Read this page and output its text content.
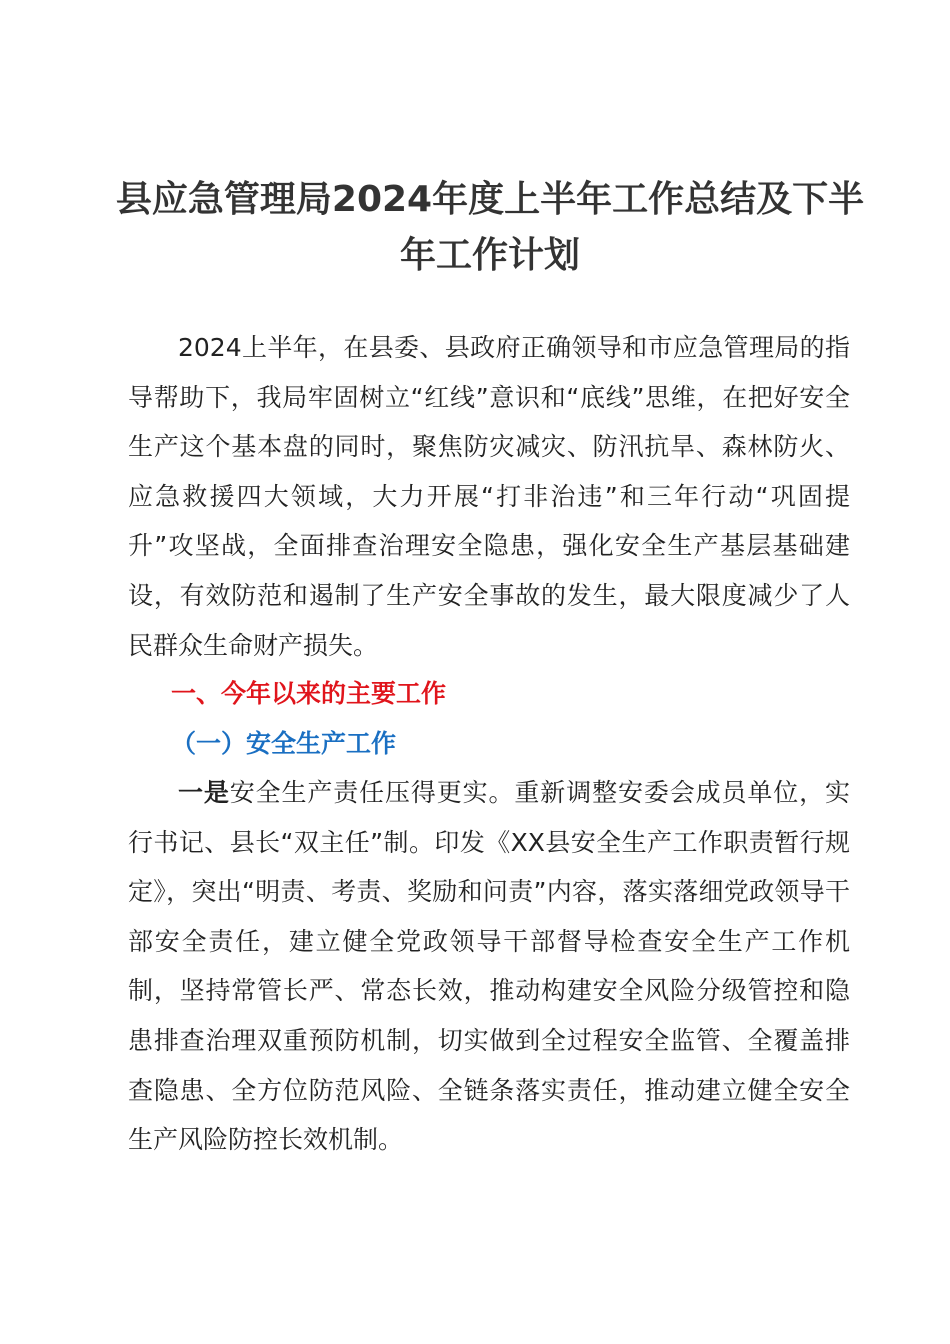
县应急管理局2024年度上半年工作总结及下半年工作计划

2024上半年，在县委、县政府正确领导和市应急管理局的指导帮助下，我局牢固树立“红线”意识和“底线”思维，在把好安全生产这个基本盘的同时，聚焦防灾减灾、防汛抗旱、森林防火、应急救援四大领域，大力开展“打非治违”和三年行动“巩固提升”攻坚战，全面排查治理安全隐患，强化安全生产基层基础建设，有效防范和遏制了生产安全事故的发生，最大限度减少了人民群众生命财产损失。

一、今年以来的主要工作
（一）安全生产工作

一是安全生产责任压得更实。重新调整安委会成员单位，实行书记、县长“双主任”制。印发《XX县安全生产工作职责暂行规定》，突出“明责、考责、奖励和问责”内容，落实落细党政领导干部安全责任，建立健全党政领导干部督导检查安全生产工作机制，坚持常管长严、常态长效，推动构建安全风险分级管控和隐患排查治理双重预防机制，切实做到全过程安全监管、全覆盖排查隐患、全方位防范风险、全链条落实责任，推动建立健全安全生产风险防控长效机制。
